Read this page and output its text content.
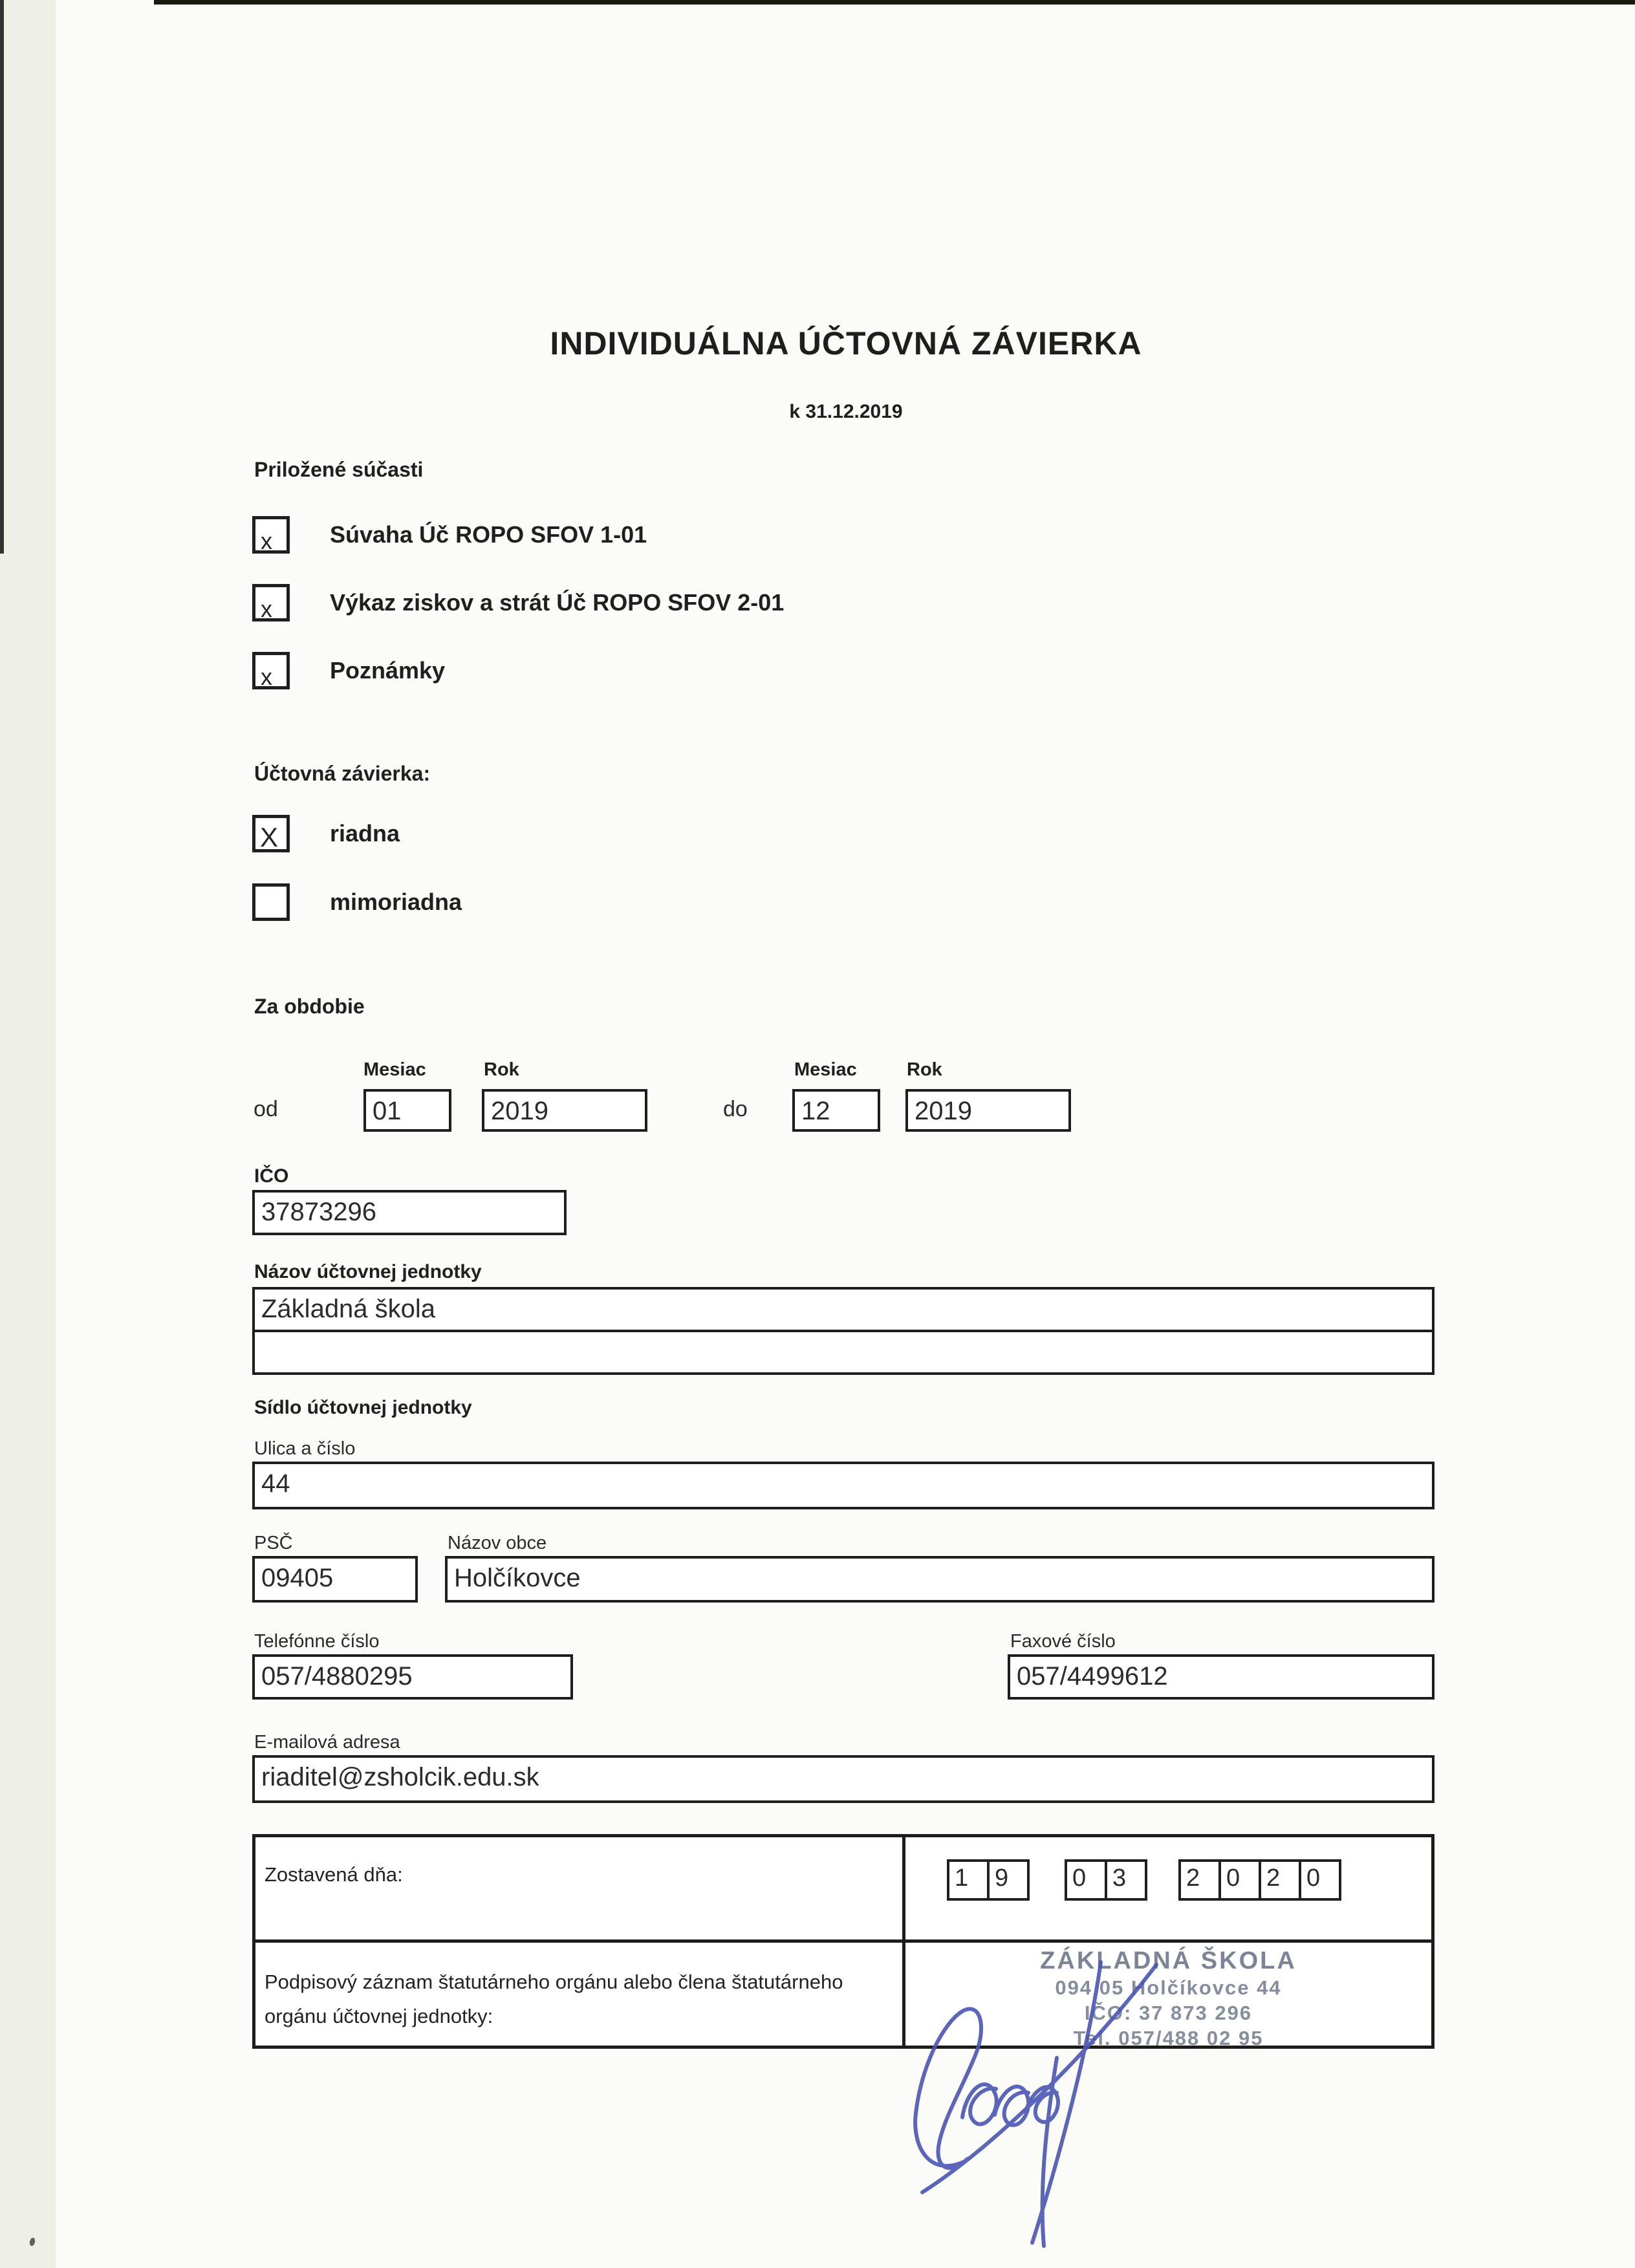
INDIVIDUÁLNA ÚČTOVNÁ ZÁVIERKA
k 31.12.2019
Priložené súčasti
x Súvaha Úč ROPO SFOV 1-01
x Výkaz ziskov a strát Úč ROPO SFOV 2-01
x Poznámky
Účtovná závierka:
X riadna
mimoriadna
Za obdobie
Mesiac	Rok	Mesiac	Rok
od	01	2019	do 12	2019
IČO
37873296
Názov účtovnej jednotky
Základná škola
Sídlo účtovnej jednotky
Ulica a číslo
44
PSČ	Názov obce
09405	Holčíkovce
Telefónne číslo	Faxové číslo
057/4880295	057/4499612
E-mailová adresa
riaditel@zsholcik.edu.sk
Zostavená dňa:	1	9	0	3	2	0	2	0
Podpisový záznam štatutárneho orgánu alebo člena štatutárneho orgánu účtovnej jednotky:
ZÁKLADNÁ ŠKOLA
094 05 Holčíkovce 44
IČO: 37 873 296
Tel. 057/488 02 95
